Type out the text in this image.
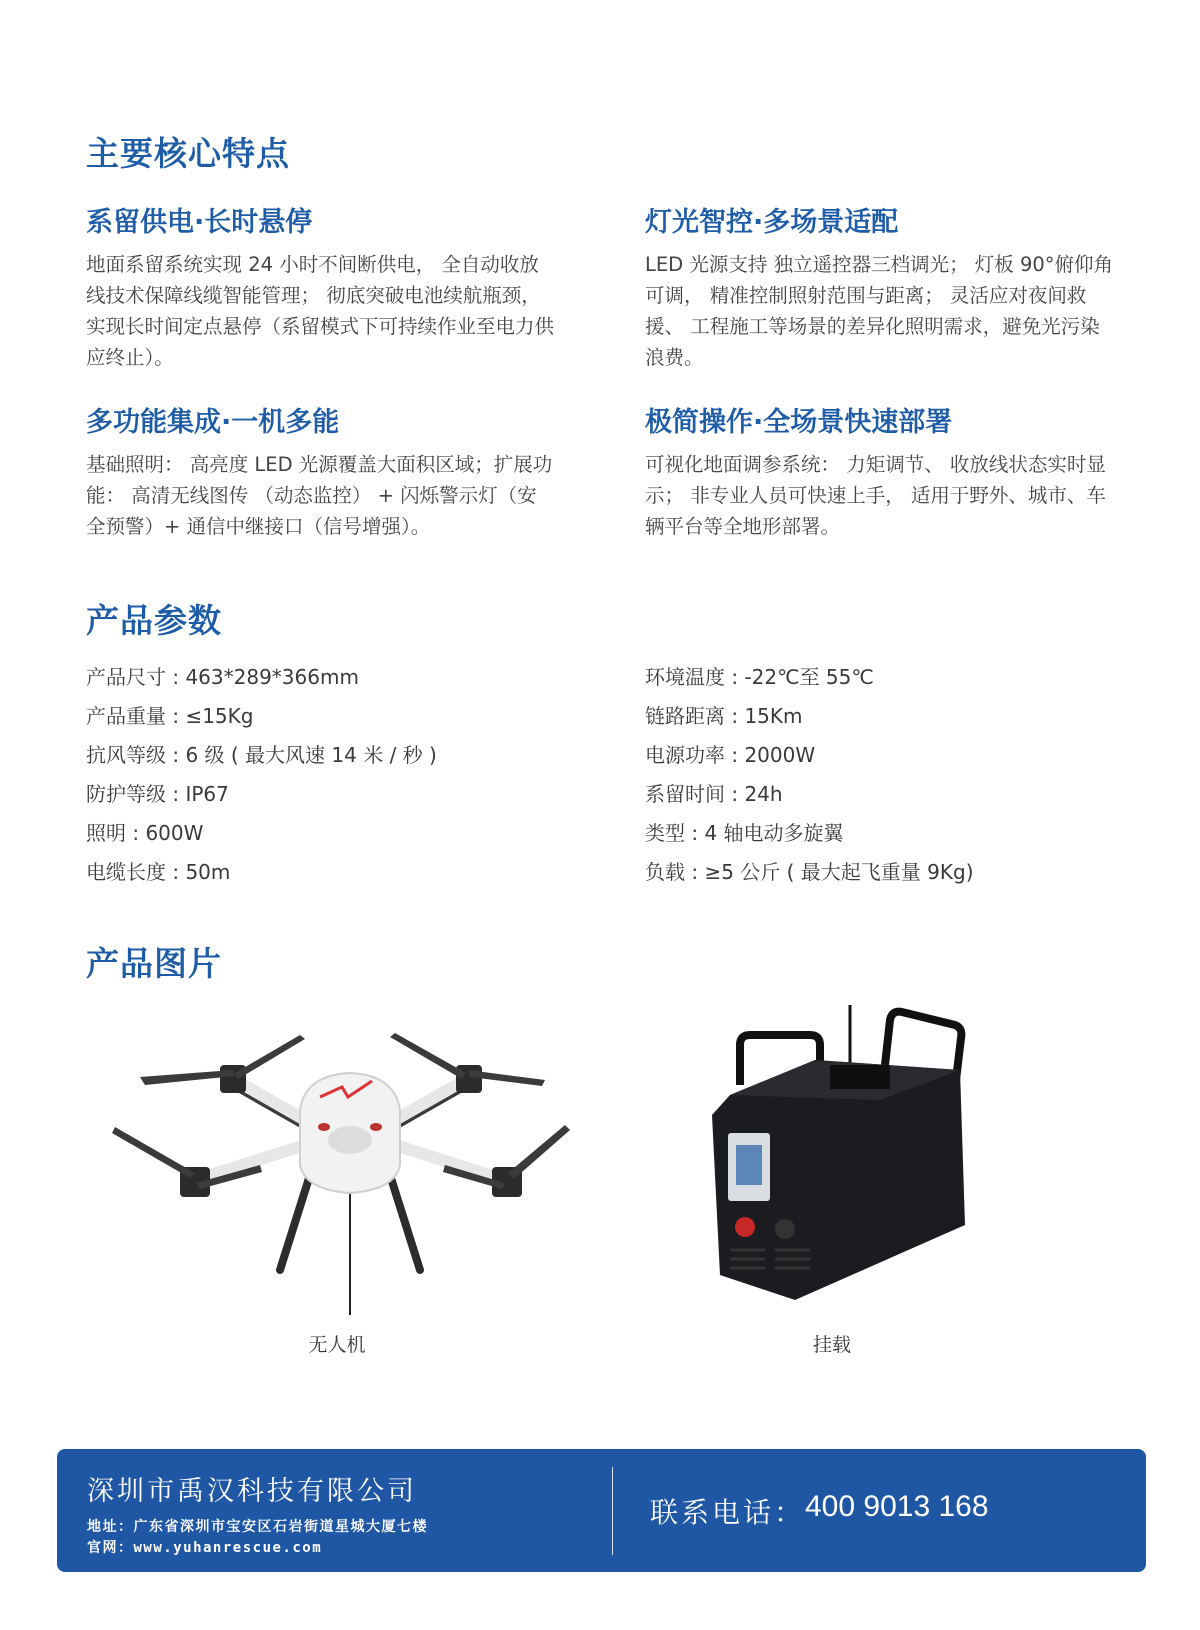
主要核心特点
系留供电·长时悬停

地面系留系统实现 24 小时不间断供电， 全自动收放线技术保障线缆智能管理； 彻底突破电池续航瓶颈， 实现长时间定点悬停（系留模式下可持续作业至电力供应终止）。

灯光智控·多场景适配

LED 光源支持 独立遥控器三档调光； 灯板 90°俯仰角可调， 精准控制照射范围与距离； 灵活应对夜间救援、 工程施工等场景的差异化照明需求，避免光污染浪费。

多功能集成·一机多能

基础照明： 高亮度 LED 光源覆盖大面积区域；扩展功能： 高清无线图传 （动态监控） + 闪烁警示灯（安全预警）+ 通信中继接口（信号增强）。

极简操作·全场景快速部署

可视化地面调参系统： 力矩调节、 收放线状态实时显示； 非专业人员可快速上手， 适用于野外、城市、车辆平台等全地形部署。

产品参数
产品尺寸 : 463*289*366mm
产品重量 : ≤15Kg
抗风等级 : 6 级 ( 最大风速 14 米 / 秒 )
防护等级 : IP67
照明 : 600W
电缆长度 : 50m
环境温度 : -22℃至 55℃
链路距离 : 15Km
电源功率 : 2000W
系留时间 : 24h
类型 : 4 轴电动多旋翼
负载 : ≥5 公斤 ( 最大起飞重量 9Kg)
产品图片
无人机	挂载
深圳市禹汉科技有限公司
地址：广东省深圳市宝安区石岩街道星城大厦七楼
官网：www.yuhanrescue.com
联系电话： 400 9013 168
